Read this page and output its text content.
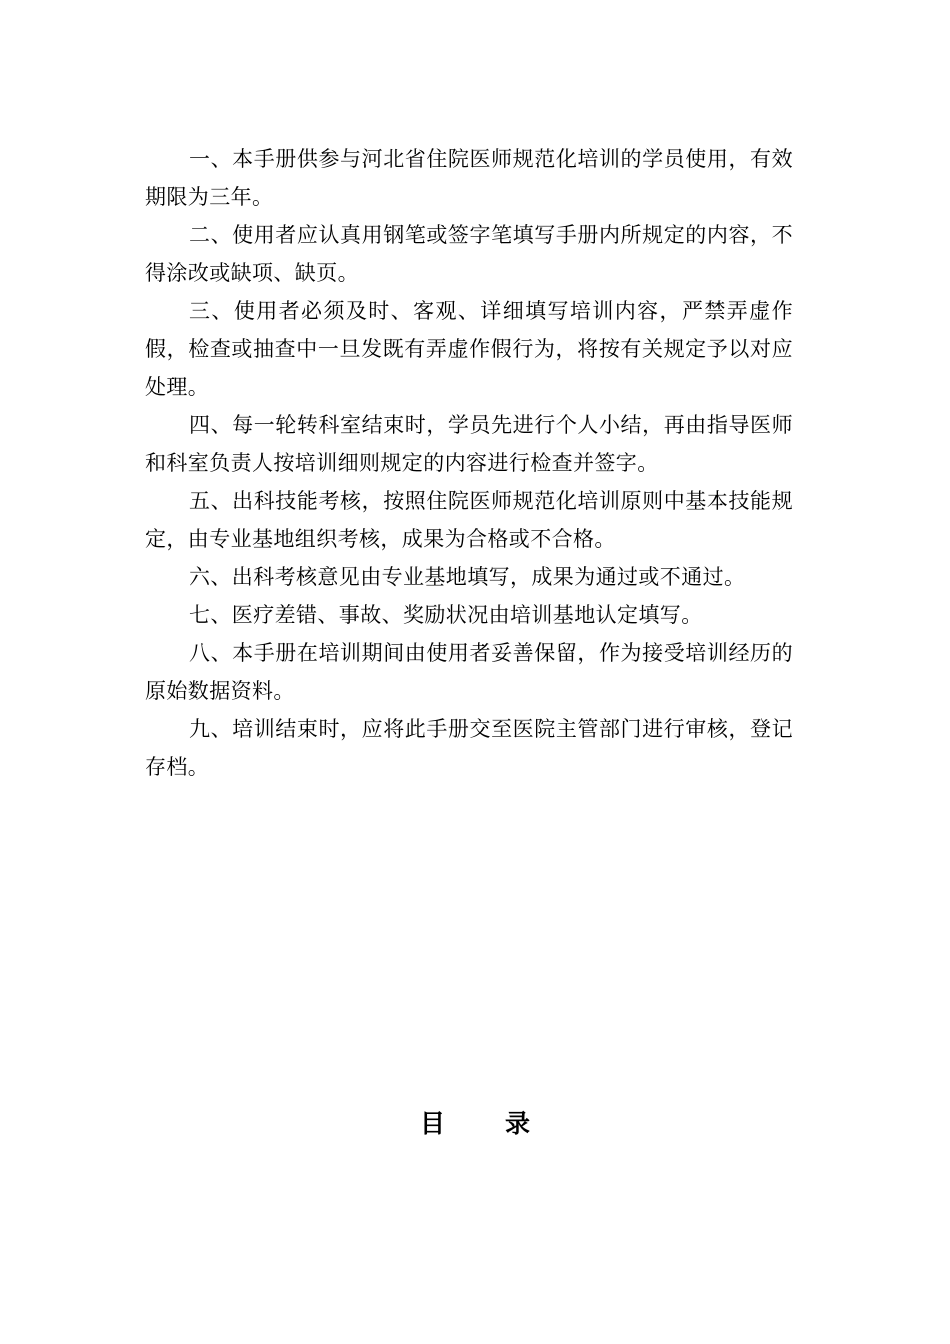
一、本手册供参与河北省住院医师规范化培训的学员使用，有效期限为三年。

二、使用者应认真用钢笔或签字笔填写手册内所规定的内容，不得涂改或缺项、缺页。

三、使用者必须及时、客观、详细填写培训内容，严禁弄虚作假，检查或抽查中一旦发既有弄虚作假行为，将按有关规定予以对应处理。

四、每一轮转科室结束时，学员先进行个人小结，再由指导医师和科室负责人按培训细则规定的内容进行检查并签字。

五、出科技能考核，按照住院医师规范化培训原则中基本技能规定，由专业基地组织考核，成果为合格或不合格。

六、出科考核意见由专业基地填写，成果为通过或不通过。

七、医疗差错、事故、奖励状况由培训基地认定填写。

八、本手册在培训期间由使用者妥善保留，作为接受培训经历的原始数据资料。

九、培训结束时，应将此手册交至医院主管部门进行审核，登记存档。

目录
